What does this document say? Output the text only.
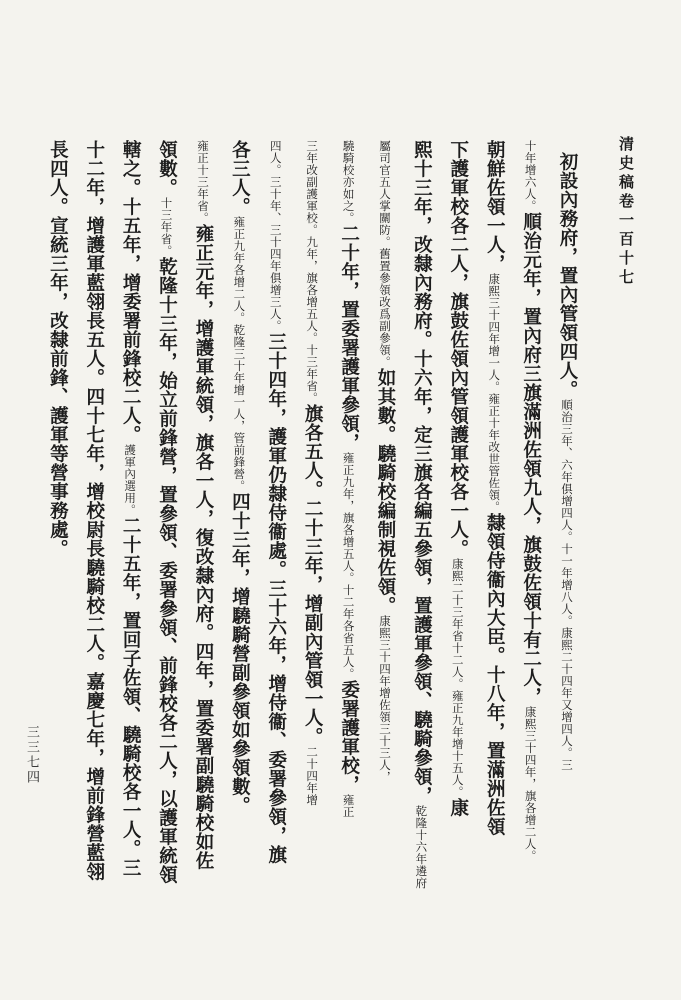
清史稿卷一百十七
初設內務府，置內管領四人。順治三年、六年俱增四人。十一年增八人。康熙二十四年又增四人。三
十年增六人。順治元年，置內府三旗滿洲佐領九人，旗鼓佐領十有二人，康熙三十四年，旗各增二人。
朝鮮佐領一人，康熙三十四年增一人。雍正十年改世管佐領。隸領侍衞內大臣。十八年，置滿洲佐領
下護軍校各二人，旗鼓佐領內管領護軍校各一人。康熙二十三年省十二人。雍正九年增十五人。康
熙十三年，改隸內務府。十六年，定三旗各編五參領，置護軍參領、驍騎參領，乾隆十六年遴府
屬司官五人掌關防。舊置參領改爲副參領。如其數。驍騎校編制視佐領。康熙三十四年增佐領三十三人，
驍騎校亦如之。二十年，置委署護軍參領，雍正九年，旗各增五人。十二年各省五人。委署護軍校，雍正
三年改副護軍校。九年，旗各增五人。十三年省。旗各五人。二十三年，增副內管領一人。二十四年增
四人。三十年、三十四年俱增三人。三十四年，護軍仍隸侍衞處。三十六年，增侍衞、委署參領，旗
各三人。雍正九年各增二人。乾隆三十年增一人，管前鋒營。四十三年，增驍騎營副參領如參領數。
雍正十三年省。雍正元年，增護軍統領，旗各一人，復改隸內府。四年，置委署副驍騎校如佐
領數。十三年省。乾隆十三年，始立前鋒營，置參領、委署參領、前鋒校各二人，以護軍統領
轄之。十五年，增委署前鋒校二人。護軍內選用。二十五年，置回子佐領、驍騎校各一人。三
十二年，增護軍藍翎長五人。四十七年，增校尉長驍騎校二人。嘉慶七年，增前鋒營藍翎
長四人。宣統三年，改隸前鋒、護軍等營事務處。
三三七四
